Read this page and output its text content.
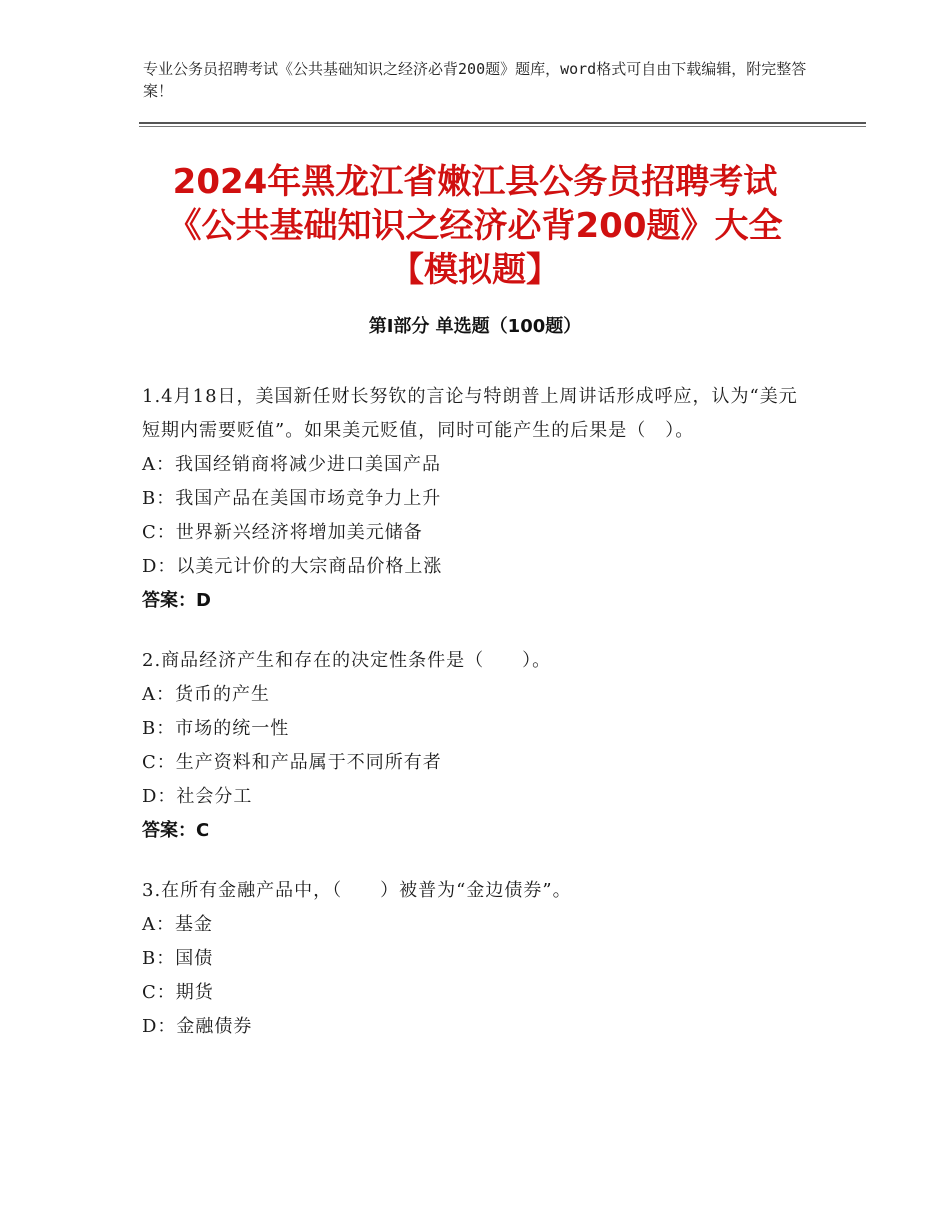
专业公务员招聘考试《公共基础知识之经济必背200题》题库，word格式可自由下载编辑，附完整答案！
2024年黑龙江省嫩江县公务员招聘考试《公共基础知识之经济必背200题》大全【模拟题】
第I部分 单选题（100题）
1.4月18日，美国新任财长努钦的言论与特朗普上周讲话形成呼应，认为“美元短期内需要贬值”。如果美元贬值，同时可能产生的后果是（　）。
A：我国经销商将减少进口美国产品
B：我国产品在美国市场竞争力上升
C：世界新兴经济将增加美元储备
D：以美元计价的大宗商品价格上涨
答案：D
2.商品经济产生和存在的决定性条件是（　　）。
A：货币的产生
B：市场的统一性
C：生产资料和产品属于不同所有者
D：社会分工
答案：C
3.在所有金融产品中，（　　）被普为“金边债券”。
A：基金
B：国债
C：期货
D：金融债券
